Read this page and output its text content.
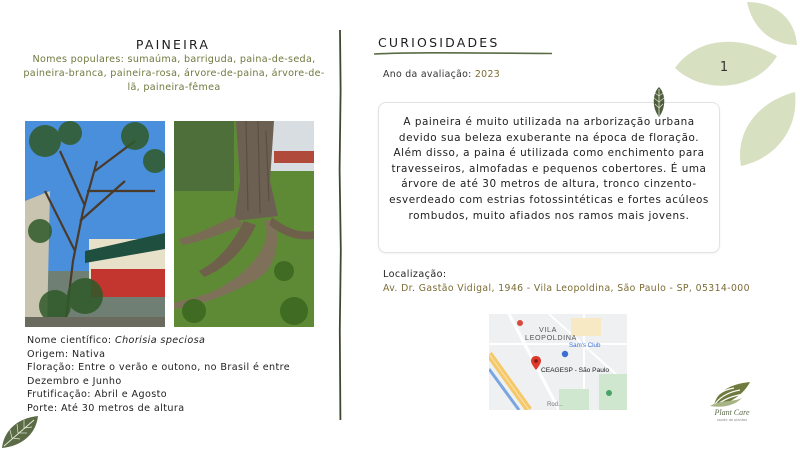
1
PAINEIRA
Nomes populares: sumaúma, barriguda, paina-de-seda, paineira-branca, paineira-rosa, árvore-de-paina, árvore-de-lã, paineira-fêmea
Nome científico: Chorisia speciosa
Origem: Nativa
Floração: Entre o verão e outono, no Brasil é entre Dezembro e Junho
Frutificação: Abril e Agosto
Porte: Até 30 metros de altura
CURIOSIDADES
Ano da avaliação: 2023
A paineira é muito utilizada na arborização urbana devido sua beleza exuberante na época de floração. Além disso, a paina é utilizada como enchimento para travesseiros, almofadas e pequenos cobertores. É uma árvore de até 30 metros de altura, tronco cinzento-esverdeado com estrias fotossintéticas e fortes acúleos rombudos, muito afiados nos ramos mais jovens.
Localização:
Av. Dr. Gastão Vidigal, 1946 - Vila Leopoldina, São Paulo - SP, 05314-000
VILA
LEOPOLDINA
Sam's Club
CEAGESP - São Paulo
Rod...
Plant Care
saúde de plantas
